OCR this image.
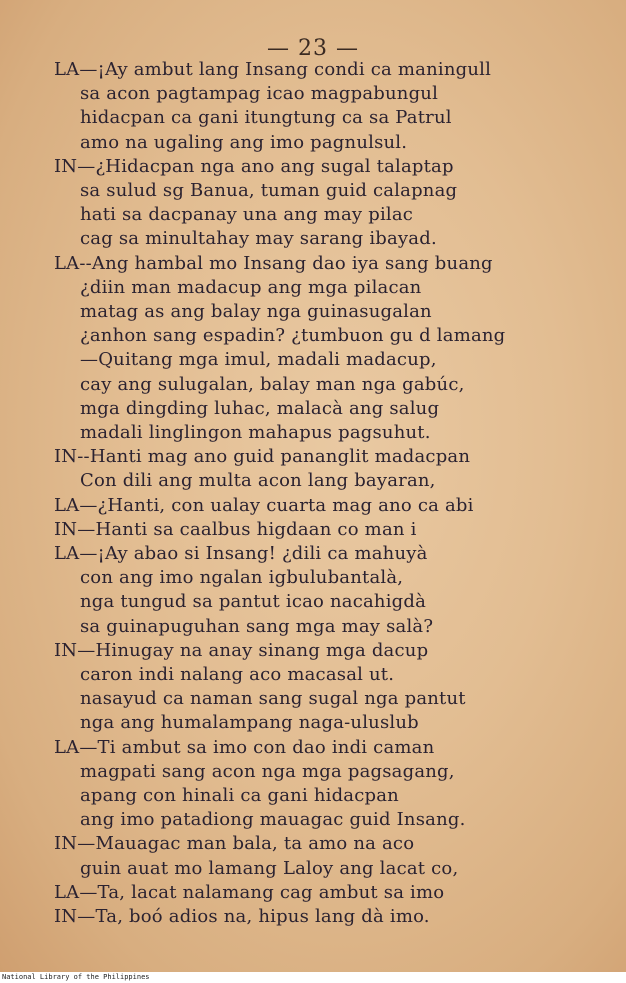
— 23 —
LA—¡Ay ambut lang Insang condi ca maningull
sa acon pagtampag icao magpabungul
hidacpan ca gani itungtung ca sa Patrul
amo na ugaling ang imo pagnulsul.
IN—¿Hidacpan nga ano ang sugal talaptap
sa sulud sg Banua, tuman guid calapnag
hati sa dacpanay una ang may pilac
cag sa minultahay may sarang ibayad.
LA--Ang hambal mo Insang dao iya sang buang
¿diin man madacup ang mga pilacan
matag as ang balay nga guinasugalan
¿anhon sang espadin? ¿tumbuon gu d lamang
—Quitang mga imul, madali madacup,
cay ang sulugalan, balay man nga gabúc,
mga dingding luhac, malacà ang salug
madali linglingon mahapus pagsuhut.
IN--Hanti mag ano guid pananglit madacpan
Con dili ang multa acon lang bayaran,
LA—¿Hanti, con ualay cuarta mag ano ca abi
IN—Hanti sa caalbus higdaan co man i
LA—¡Ay abao si Insang! ¿dili ca mahuyà
con ang imo ngalan igbulubantalà,
nga tungud sa pantut icao nacahigdà
sa guinapuguhan sang mga may salà?
IN—Hinugay na anay sinang mga dacup
caron indi nalang aco macasal ut.
nasayud ca naman sang sugal nga pantut
nga ang humalampang naga-uluslub
LA—Ti ambut sa imo con dao indi caman
magpati sang acon nga mga pagsagang,
apang con hinali ca gani hidacpan
ang imo patadiong mauagac guid Insang.
IN—Mauagac man bala, ta amo na aco
guin auat mo lamang Laloy ang lacat co,
LA—Ta, lacat nalamang cag ambut sa imo
IN—Ta, boó adios na, hipus lang dà imo.
National Library of the Philippines
